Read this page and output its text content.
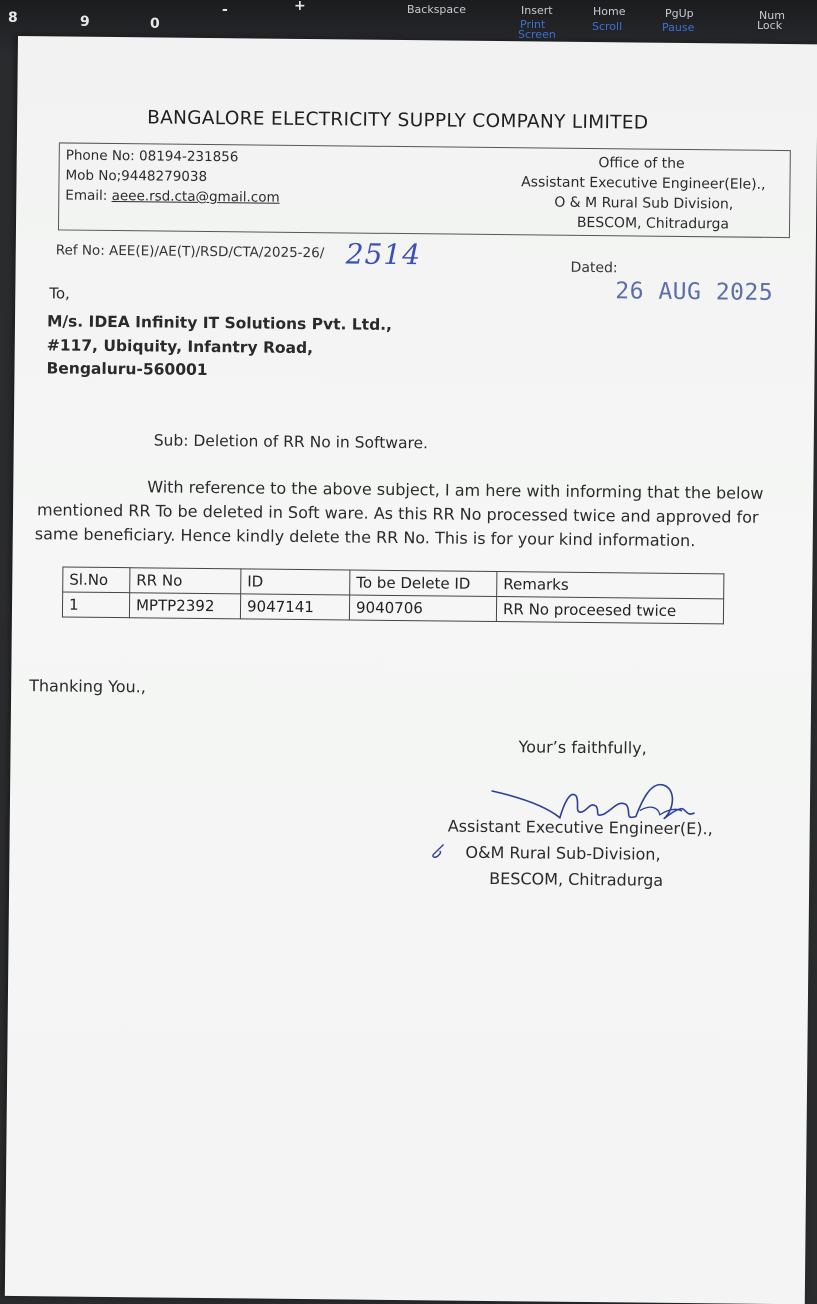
8	9	0
-	+	Backspace	Insert
Print
Screen
Home
Scroll
PgUp
Pause
Num
Lock
BANGALORE ELECTRICITY SUPPLY COMPANY LIMITED
Phone No: 08194-231856
Mob No;9448279038
Email: aeee.rsd.cta@gmail.com
Office of the
Assistant Executive Engineer(Ele).,
O & M Rural Sub Division,
BESCOM, Chitradurga
Ref No: AEE(E)/AE(T)/RSD/CTA/2025-26/ 2514	Dated:
26 AUG 2025
To,
M/s. IDEA Infinity IT Solutions Pvt. Ltd.,
#117, Ubiquity, Infantry Road,
Bengaluru-560001
Sub: Deletion of RR No in Software.
With reference to the above subject, I am here with informing that the below
mentioned RR To be deleted in Soft ware. As this RR No processed twice and approved for
same beneficiary. Hence kindly delete the RR No. This is for your kind information.
Sl.No	RR No	ID	To be Delete ID	Remarks
1	MPTP2392	9047141	9040706	RR No proceesed twice
Thanking You.,
Your’s faithfully,
Assistant Executive Engineer(E).,
O&M Rural Sub-Division,
BESCOM, Chitradurga
